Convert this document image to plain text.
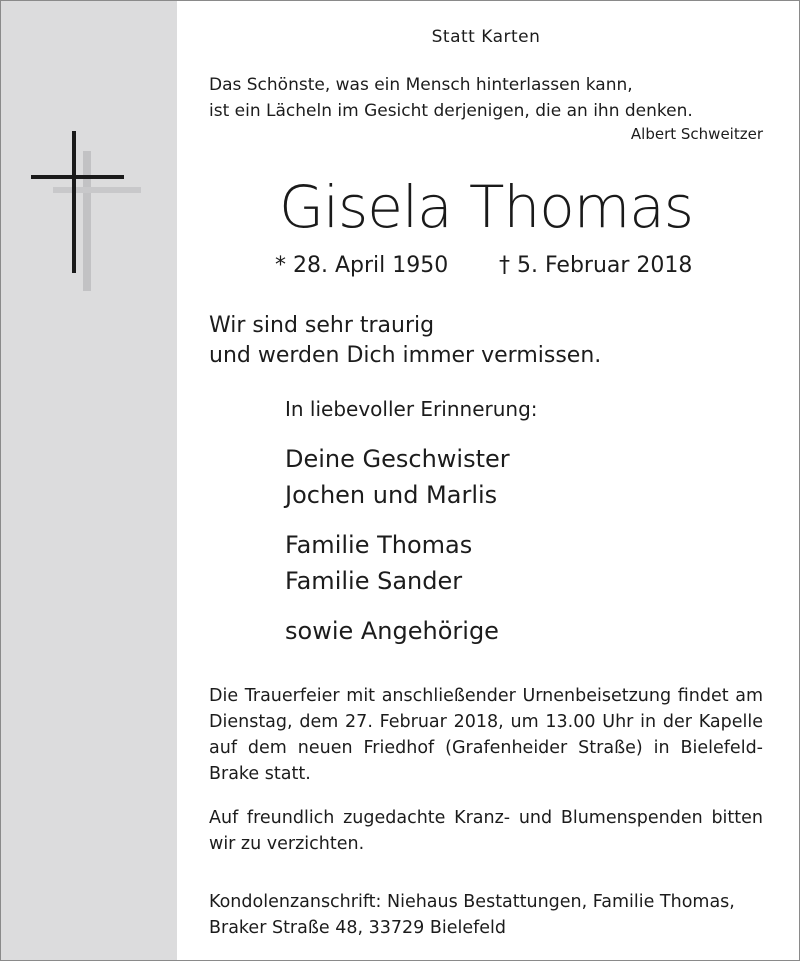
Statt Karten

Das Schönste, was ein Mensch hinterlassen kann,

ist ein Lächeln im Gesicht derjenigen, die an ihn denken.

Albert Schweitzer

Gisela Thomas

* 28. April 1950 † 5. Februar 2018

Wir sind sehr traurig

und werden Dich immer vermissen.

In liebevoller Erinnerung:

Deine Geschwister

Jochen und Marlis

Familie Thomas

Familie Sander

sowie Angehörige

Die Trauerfeier mit anschließender Urnenbeisetzung findet am Dienstag, dem 27. Februar 2018, um 13.00 Uhr in der Kapelle auf dem neuen Friedhof (Grafenheider Straße) in Bielefeld-Brake statt.

Auf freundlich zugedachte Kranz- und Blumenspenden bitten wir zu verzichten.

Kondolenzanschrift: Niehaus Bestattungen, Familie Thomas, Braker Straße 48, 33729 Bielefeld
